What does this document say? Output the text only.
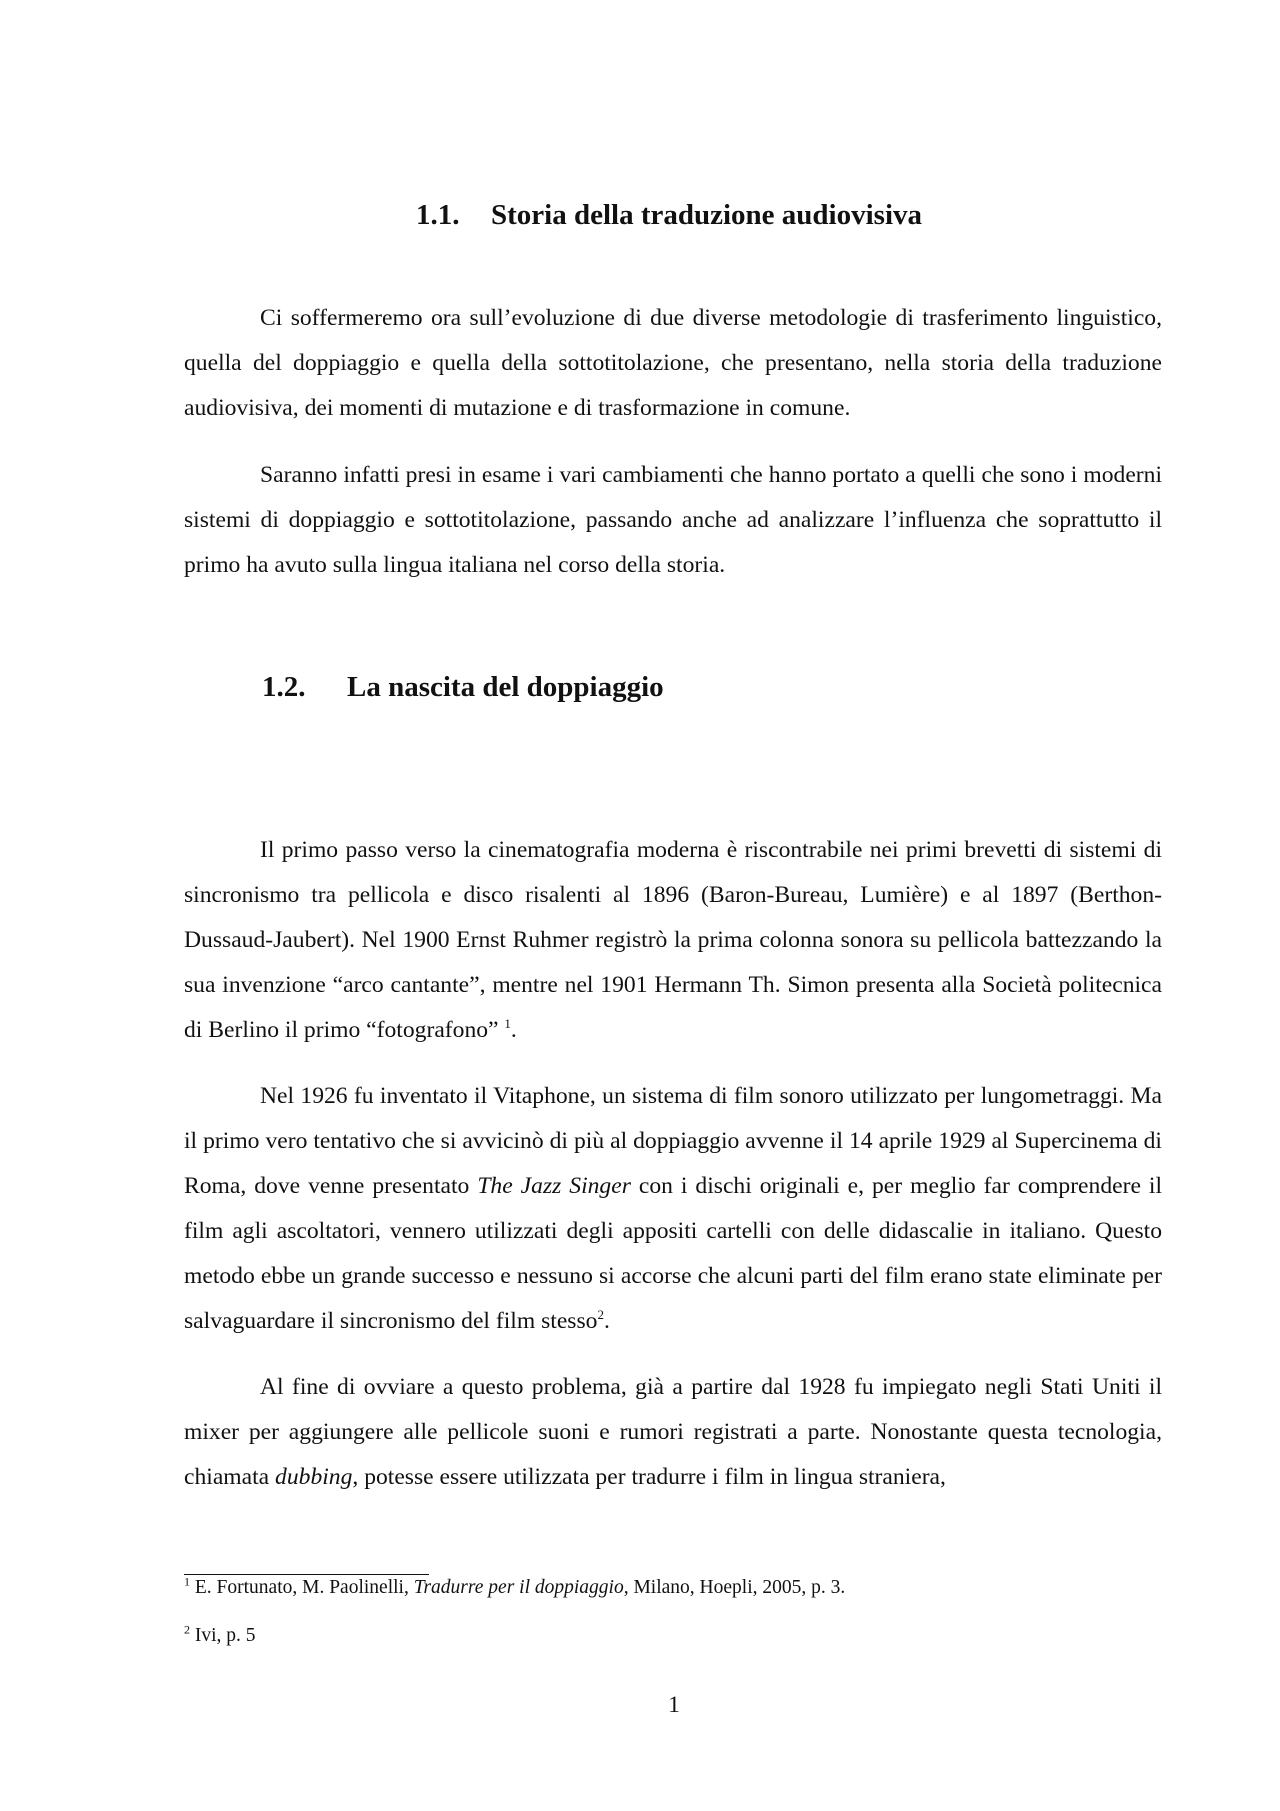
1.1. Storia della traduzione audiovisiva

Ci soffermeremo ora sull’evoluzione di due diverse metodologie di trasferimento linguistico, quella del doppiaggio e quella della sottotitolazione, che presentano, nella storia della traduzione audiovisiva, dei momenti di mutazione e di trasformazione in comune.

Saranno infatti presi in esame i vari cambiamenti che hanno portato a quelli che sono i moderni sistemi di doppiaggio e sottotitolazione, passando anche ad analizzare l’influenza che soprattutto il primo ha avuto sulla lingua italiana nel corso della storia.

1.2. La nascita del doppiaggio

Il primo passo verso la cinematografia moderna è riscontrabile nei primi brevetti di sistemi di sincronismo tra pellicola e disco risalenti al 1896 (Baron-Bureau, Lumière) e al 1897 (Berthon-Dussaud-Jaubert). Nel 1900 Ernst Ruhmer registrò la prima colonna sonora su pellicola battezzando la sua invenzione “arco cantante”, mentre nel 1901 Hermann Th. Simon presenta alla Società politecnica di Berlino il primo “fotografono” $^1$.

Nel 1926 fu inventato il Vitaphone, un sistema di film sonoro utilizzato per lungometraggi. Ma il primo vero tentativo che si avvicinò di più al doppiaggio avvenne il 14 aprile 1929 al Supercinema di Roma, dove venne presentato The Jazz Singer con i dischi originali e, per meglio far comprendere il film agli ascoltatori, vennero utilizzati degli appositi cartelli con delle didascalie in italiano. Questo metodo ebbe un grande successo e nessuno si accorse che alcuni parti del film erano state eliminate per salvaguardare il sincronismo del film stesso$^2$.

Al fine di ovviare a questo problema, già a partire dal 1928 fu impiegato negli Stati Uniti il mixer per aggiungere alle pellicole suoni e rumori registrati a parte. Nonostante questa tecnologia, chiamata dubbing, potesse essere utilizzata per tradurre i film in lingua straniera,

$^1$ E. Fortunato, M. Paolinelli, Tradurre per il doppiaggio, Milano, Hoepli, 2005, p. 3.
$^2$ Ivi, p. 5
1
